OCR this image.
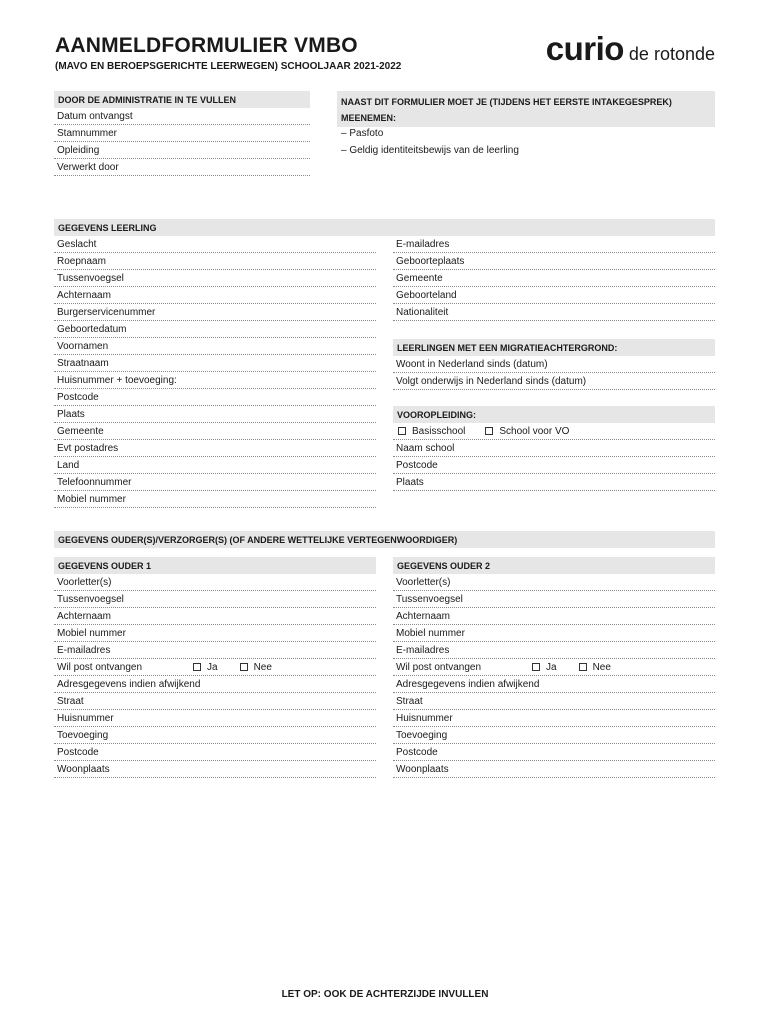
AANMELDFORMULIER VMBO
(MAVO EN BEROEPSGERICHTE LEERWEGEN) SCHOOLJAAR 2021-2022	curio de rotonde
DOOR DE ADMINISTRATIE IN TE VULLEN
Datum ontvangst
Stamnummer
Opleiding
Verwerkt door
NAAST DIT FORMULIER MOET JE (TIJDENS HET EERSTE INTAKEGESPREK) MEENEMEN:
– Pasfoto
– Geldig identiteitsbewijs van de leerling
GEGEVENS LEERLING
Geslacht
Roepnaam
Tussenvoegsel
Achternaam
Burgerservicenummer
Geboortedatum
Voornamen
Straatnaam
Huisnummer + toevoeging:
Postcode
Plaats
Gemeente
Evt postadres
Land
Telefoonnummer
Mobiel nummer
E-mailadres
Geboorteplaats
Gemeente
Geboorteland
Nationaliteit
LEERLINGEN MET EEN MIGRATIEACHTERGROND:
Woont in Nederland sinds (datum)
Volgt onderwijs in Nederland sinds (datum)
VOOROPLEIDING:
Basisschool	School voor VO
Naam school
Postcode
Plaats
GEGEVENS OUDER(S)/VERZORGER(S) (OF ANDERE WETTELIJKE VERTEGENWOORDIGER)
GEGEVENS OUDER 1
Voorletter(s)
Tussenvoegsel
Achternaam
Mobiel nummer
E-mailadres
Wil post ontvangen	Ja	Nee
Adresgegevens indien afwijkend
Straat
Huisnummer
Toevoeging
Postcode
Woonplaats
GEGEVENS OUDER 2
Voorletter(s)
Tussenvoegsel
Achternaam
Mobiel nummer
E-mailadres
Wil post ontvangen	Ja	Nee
Adresgegevens indien afwijkend
Straat
Huisnummer
Toevoeging
Postcode
Woonplaats
LET OP: OOK DE ACHTERZIJDE INVULLEN
